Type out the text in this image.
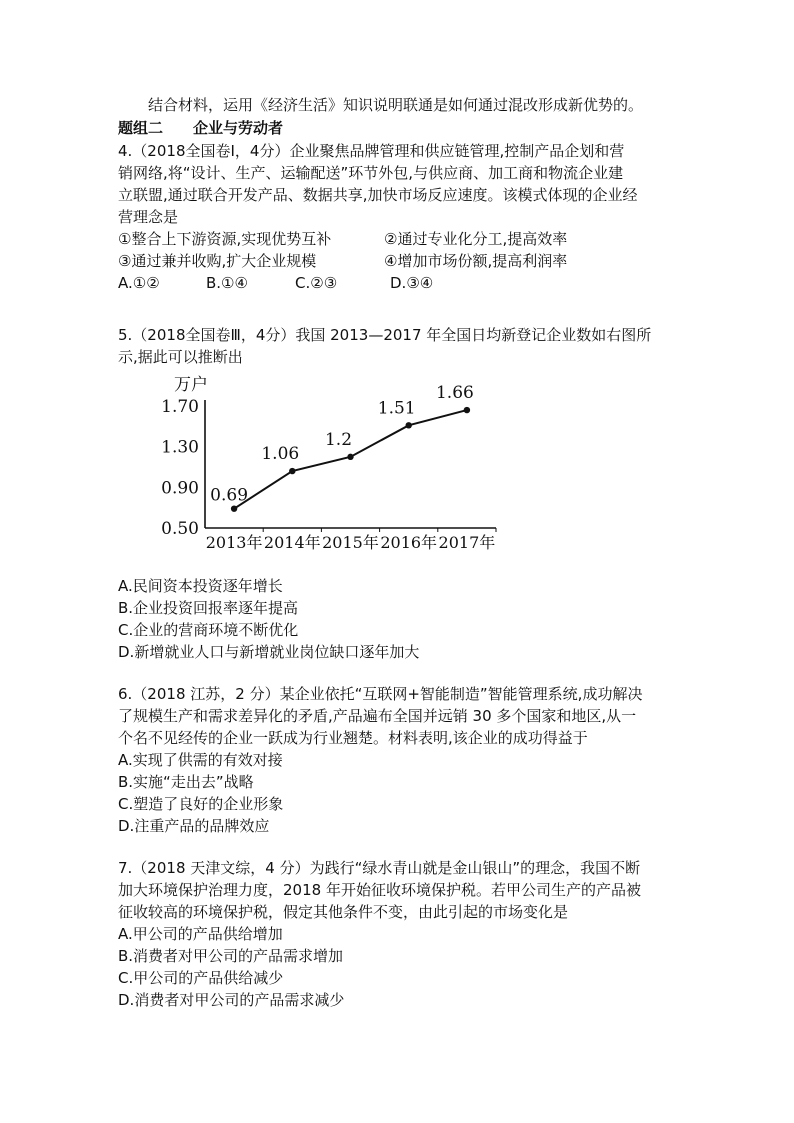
结合材料，运用《经济生活》知识说明联通是如何通过混改形成新优势的。
题组二　　企业与劳动者
4.（2018全国卷Ⅰ，4分）企业聚焦品牌管理和供应链管理,控制产品企划和营
销网络,将“设计、生产、运输配送”环节外包,与供应商、加工商和物流企业建
立联盟,通过联合开发产品、数据共享,加快市场反应速度。该模式体现的企业经
营理念是
①整合上下游资源,实现优势互补	②通过专业化分工,提高效率
③通过兼并收购,扩大企业规模	④增加市场份额,提高利润率
A.①②	B.①④	C.②③	D.③④
5.（2018全国卷Ⅲ，4分）我国 2013—2017 年全国日均新登记企业数如右图所
示,据此可以推断出
万户
0.50
0.90
1.30
1.70
2013年 2014年 2015年 2016年 2017年
0.69
1.06
1.2
1.51
1.66
A.民间资本投资逐年增长
B.企业投资回报率逐年提高
C.企业的营商环境不断优化
D.新增就业人口与新增就业岗位缺口逐年加大
6.（2018 江苏，2 分）某企业依托“互联网+智能制造”智能管理系统,成功解决
了规模生产和需求差异化的矛盾,产品遍布全国并远销 30 多个国家和地区,从一
个名不见经传的企业一跃成为行业翘楚。材料表明,该企业的成功得益于
A.实现了供需的有效对接
B.实施“走出去”战略
C.塑造了良好的企业形象
D.注重产品的品牌效应
7.（2018 天津文综，4 分）为践行“绿水青山就是金山银山”的理念，我国不断
加大环境保护治理力度，2018 年开始征收环境保护税。若甲公司生产的产品被
征收较高的环境保护税，假定其他条件不变，由此引起的市场变化是
A.甲公司的产品供给增加
B.消费者对甲公司的产品需求增加
C.甲公司的产品供给减少
D.消费者对甲公司的产品需求减少
